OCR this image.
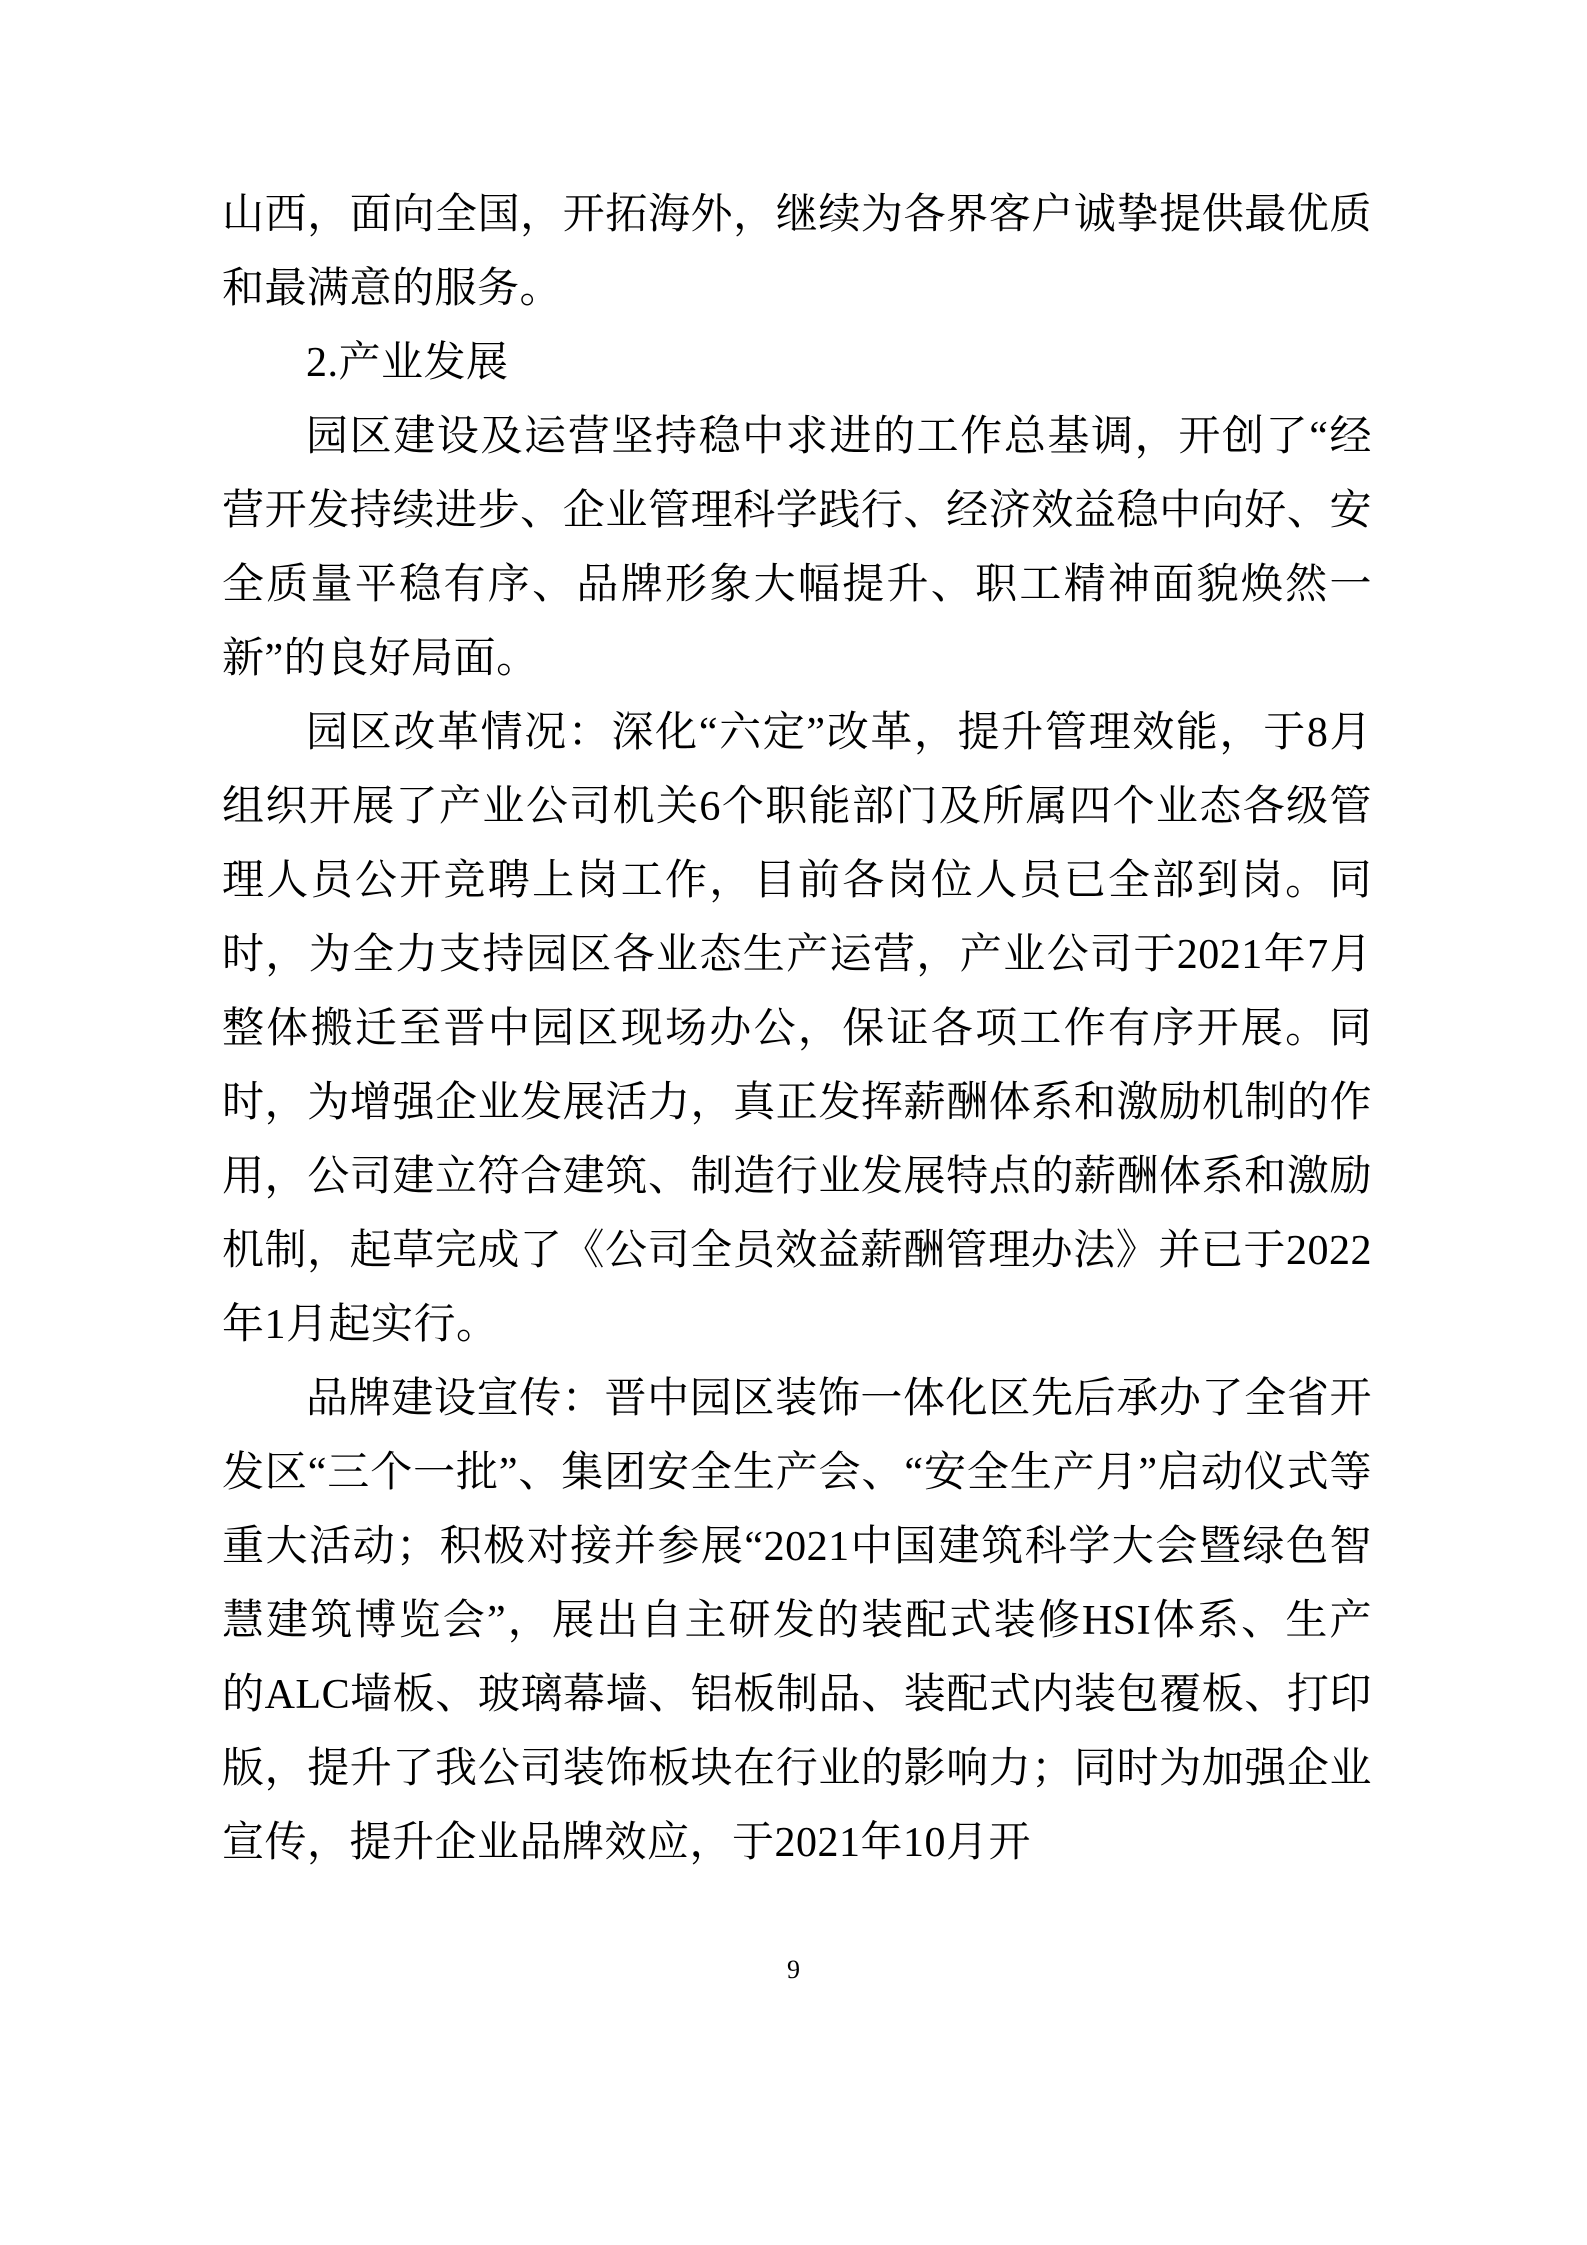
山西，面向全国，开拓海外，继续为各界客户诚挚提供最优质和最满意的服务。

2.产业发展

园区建设及运营坚持稳中求进的工作总基调，开创了“经营开发持续进步、企业管理科学践行、经济效益稳中向好、安全质量平稳有序、品牌形象大幅提升、职工精神面貌焕然一新”的良好局面。

园区改革情况：深化“六定”改革，提升管理效能，于8月组织开展了产业公司机关6个职能部门及所属四个业态各级管理人员公开竞聘上岗工作，目前各岗位人员已全部到岗。同时，为全力支持园区各业态生产运营，产业公司于2021年7月整体搬迁至晋中园区现场办公，保证各项工作有序开展。同时，为增强企业发展活力，真正发挥薪酬体系和激励机制的作用，公司建立符合建筑、制造行业发展特点的薪酬体系和激励机制，起草完成了《公司全员效益薪酬管理办法》并已于2022年1月起实行。

品牌建设宣传：晋中园区装饰一体化区先后承办了全省开发区“三个一批”、集团安全生产会、“安全生产月”启动仪式等重大活动；积极对接并参展“2021中国建筑科学大会暨绿色智慧建筑博览会”，展出自主研发的装配式装修HSI体系、生产的ALC墙板、玻璃幕墙、铝板制品、装配式内装包覆板、打印版，提升了我公司装饰板块在行业的影响力；同时为加强企业宣传，提升企业品牌效应，于2021年10月开

9
